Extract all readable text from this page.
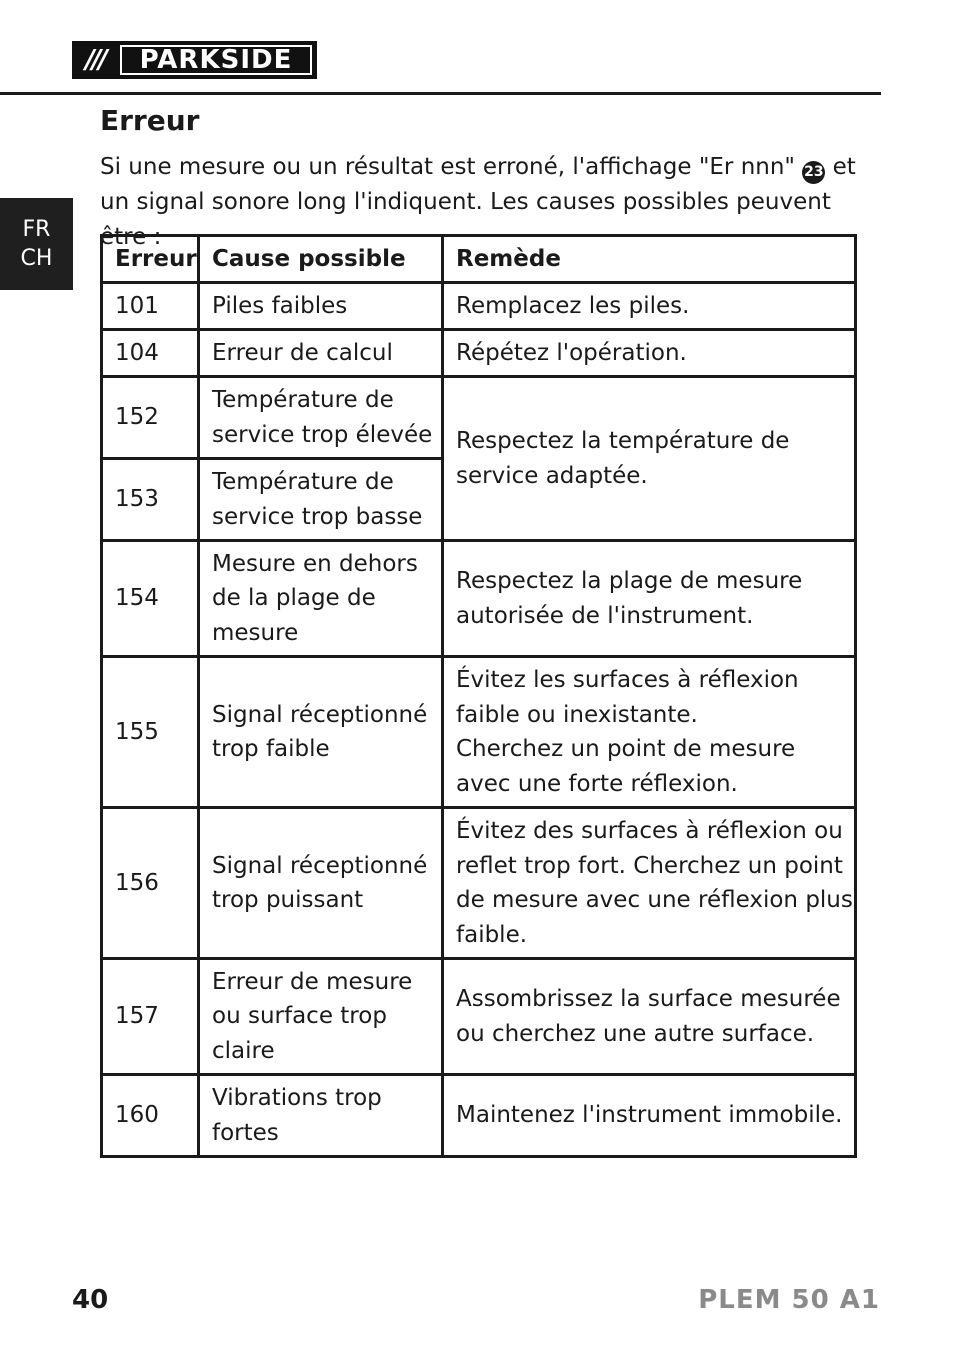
///	PARKSIDE
FR
CH
Erreur
Si une mesure ou un résultat est erroné, l'affichage "Er nnn" 23 et un signal sonore long l'indiquent. Les causes possibles peuvent être :
Erreur	Cause possible	Remède
101	Piles faibles	Remplacez les piles.
104	Erreur de calcul	Répétez l'opération.
152	Température de service trop élevée	Respectez la température de service adaptée.
153	Température de service trop basse	
154	Mesure en dehors de la plage de mesure	Respectez la plage de mesure autorisée de l'instrument.
155	Signal réceptionné trop faible	Évitez les surfaces à réflexion faible ou inexistante.
Cherchez un point de mesure avec une forte réflexion.

156	Signal réceptionné trop puissant	Évitez des surfaces à réflexion ou reflet trop fort. Cherchez un point de mesure avec une réflexion plus faible.
157	Erreur de mesure ou surface trop claire	Assombrissez la surface mesurée ou cherchez une autre surface.
160	Vibrations trop fortes	Maintenez l'instrument immobile.
40	PLEM 50 A1
